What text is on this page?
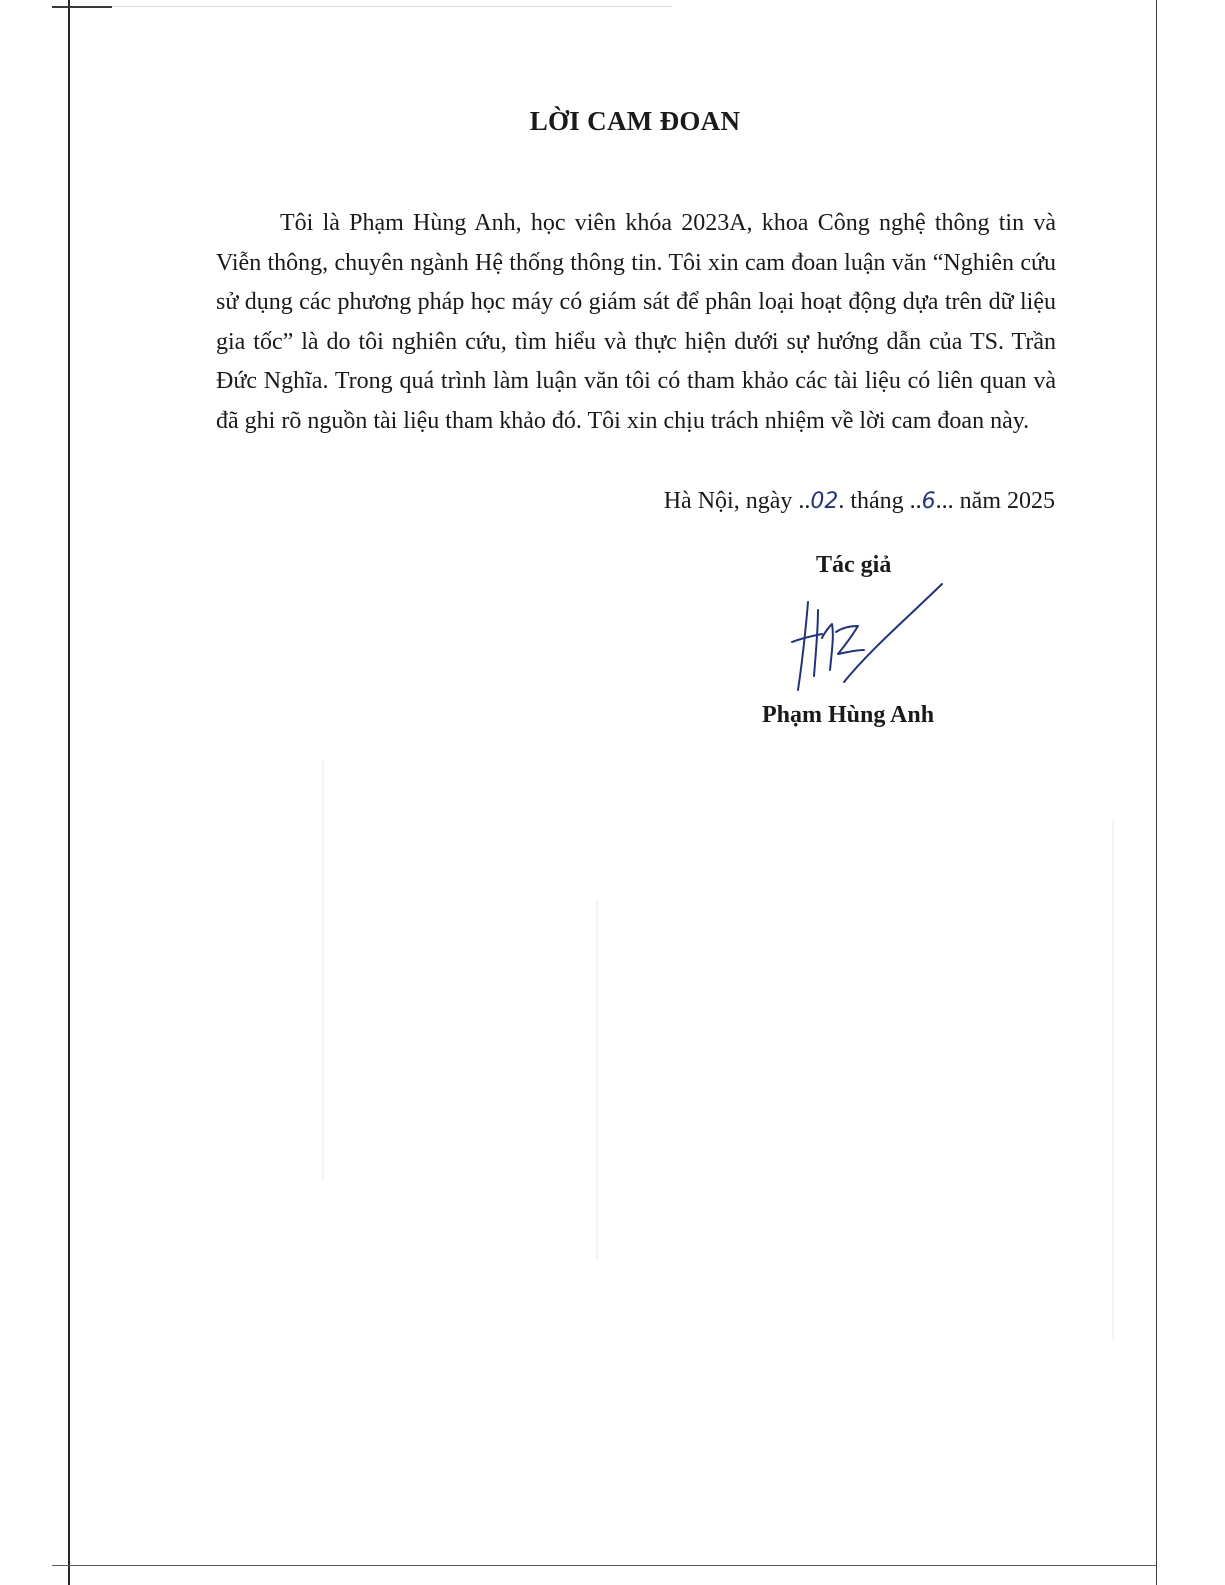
LỜI CAM ĐOAN

Tôi là Phạm Hùng Anh, học viên khóa 2023A, khoa Công nghệ thông tin và Viễn thông, chuyên ngành Hệ thống thông tin. Tôi xin cam đoan luận văn “Nghiên cứu sử dụng các phương pháp học máy có giám sát để phân loại hoạt động dựa trên dữ liệu gia tốc” là do tôi nghiên cứu, tìm hiểu và thực hiện dưới sự hướng dẫn của TS. Trần Đức Nghĩa. Trong quá trình làm luận văn tôi có tham khảo các tài liệu có liên quan và đã ghi rõ nguồn tài liệu tham khảo đó. Tôi xin chịu trách nhiệm về lời cam đoan này.

Hà Nội, ngày ..02. tháng ..6... năm 2025
Tác giả
Phạm Hùng Anh
